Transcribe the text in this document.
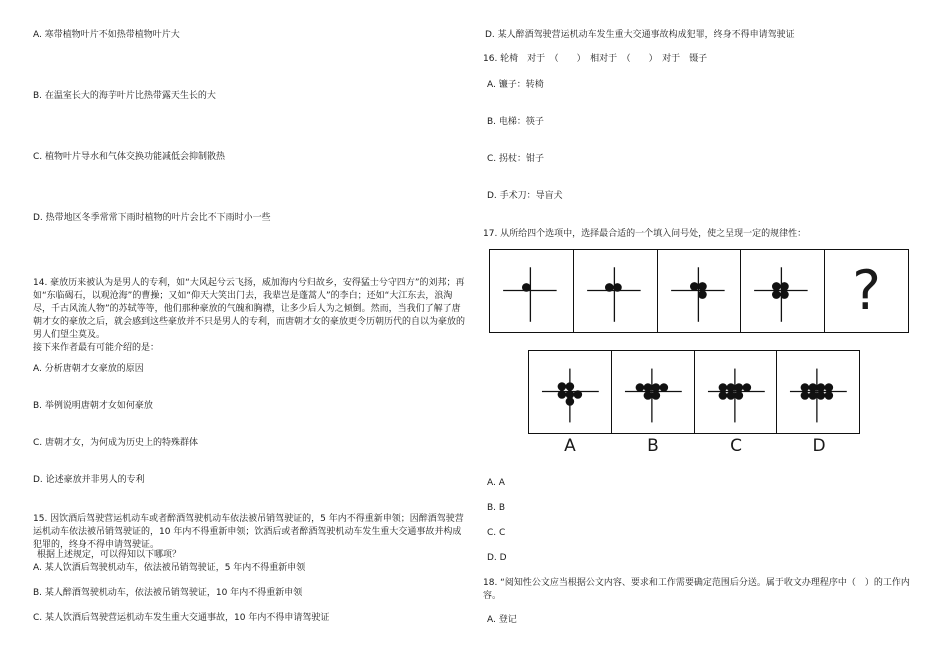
A. 寒带植物叶片不如热带植物叶片大
B. 在温室长大的海芋叶片比热带露天生长的大
C. 植物叶片导水和气体交换功能减低会抑制散热
D. 热带地区冬季常常下雨时植物的叶片会比不下雨时小一些

14. 豪放历来被认为是男人的专利，如“大风起兮云飞扬，威加海内兮归故乡，安得猛士兮守四方”的刘邦；再如“东临碣石，以观沧海”的曹操；又如“仰天大笑出门去，我辈岂是蓬蒿人”的李白；还如“大江东去，浪淘尽，千古风流人物”的苏轼等等，他们那种豪放的气魄和胸襟，让多少后人为之倾倒。然而，当我们了解了唐朝才女的豪放之后，就会感到这些豪放并不只是男人的专利，而唐朝才女的豪放更令历朝历代的自以为豪放的男人们望尘莫及。

接下来作者最有可能介绍的是：

A. 分析唐朝才女豪放的原因
B. 举例说明唐朝才女如何豪放
C. 唐朝才女，为何成为历史上的特殊群体
D. 论述豪放并非男人的专利

15. 因饮酒后驾驶营运机动车或者醉酒驾驶机动车依法被吊销驾驶证的，5 年内不得重新申领；因醉酒驾驶营运机动车依法被吊销驾驶证的，10 年内不得重新申领；饮酒后或者醉酒驾驶机动车发生重大交通事故并构成犯罪的，终身不得申请驾驶证。

根据上述规定，可以得知以下哪项？
A. 某人饮酒后驾驶机动车，依法被吊销驾驶证，5 年内不得重新申领
B. 某人醉酒驾驶机动车，依法被吊销驾驶证，10 年内不得重新申领
C. 某人饮酒后驾驶营运机动车发生重大交通事故，10 年内不得申请驾驶证
D. 某人醉酒驾驶营运机动车发生重大交通事故构成犯罪，终身不得申请驾驶证
16. 轮椅　对于　（　　）　相对于　（　　）　对于　镊子
A. 镰子：转椅
B. 电梯：筷子
C. 拐杖：钳子
D. 手术刀：导盲犬
17. 从所给四个选项中，选择最合适的一个填入问号处，使之呈现一定的规律性：
?
A	B	C	D
A. A
B. B
C. C
D. D
18. “阅知性公文应当根据公文内容、要求和工作需要确定范围后分送。属于收文办理程序中（　）的工作内容。
A. 登记
